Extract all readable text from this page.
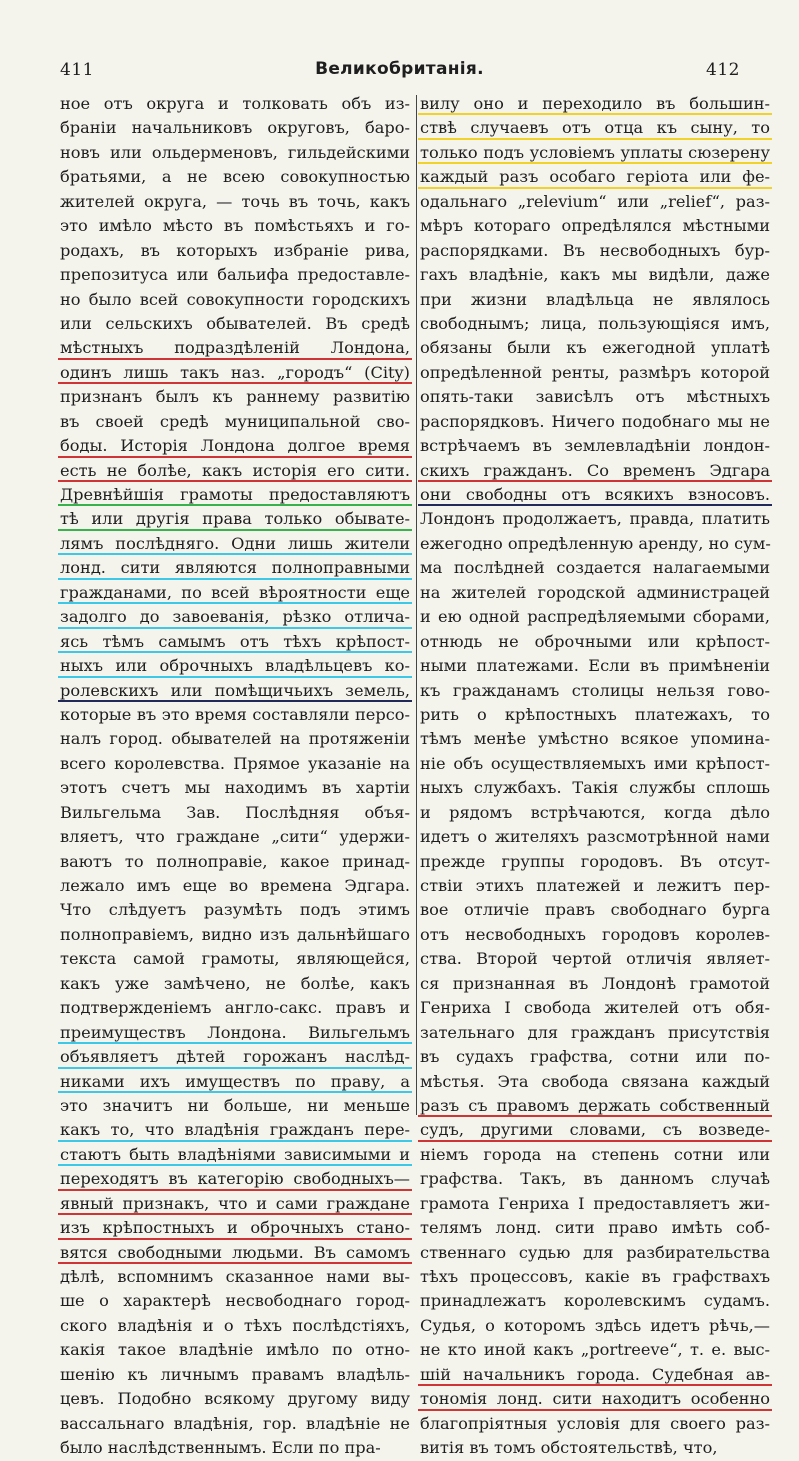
411	Великобританія.	412
ное отъ округа и толковать объ из-
браніи начальниковъ округовъ, баро-
новъ или ольдерменовъ, гильдейскими
братьями, а не всею совокупностью
жителей округа, — точь въ точь, какъ
это имѣло мѣсто въ помѣстьяхъ и го-
родахъ, въ которыхъ избраніе рива,
препозитуса или бальифа предоставле-
но было всей совокупности городскихъ
или сельскихъ обывателей. Въ средѣ
мѣстныхъ подраздѣленій Лондона,
одинъ лишь такъ наз. „городъ“ (City)
признанъ былъ къ раннему развитію
въ своей средѣ муниципальной сво-
боды. Исторія Лондона долгое время
есть не болѣе, какъ исторія его сити.
Древнѣйшія грамоты предоставляютъ
тѣ или другія права только обывате-
лямъ послѣдняго. Одни лишь жители
лонд. сити являются полноправными
гражданами, по всей вѣроятности еще
задолго до завоеванія, рѣзко отлича-
ясь тѣмъ самымъ отъ тѣхъ крѣпост-
ныхъ или оброчныхъ владѣльцевъ ко-
ролевскихъ или помѣщичьихъ земель,
которые въ это время составляли персо-
налъ город. обывателей на протяженіи
всего королевства. Прямое указаніе на
этотъ счетъ мы находимъ въ хартіи
Вильгельма Зав. Послѣдняя объя-
вляетъ, что граждане „сити“ удержи-
ваютъ то полноправіе, какое принад-
лежало имъ еще во времена Эдгара.
Что слѣдуетъ разумѣть подъ этимъ
полноправіемъ, видно изъ дальнѣйшаго
текста самой грамоты, являющейся,
какъ уже замѣчено, не болѣе, какъ
подтвержденіемъ англо-сакс. правъ и
преимуществъ Лондона. Вильгельмъ
объявляетъ дѣтей горожанъ наслѣд-
никами ихъ имуществъ по праву, а
это значитъ ни больше, ни меньше
какъ то, что владѣнія гражданъ пере-
стаютъ быть владѣніями зависимыми и
переходятъ въ категорію свободныхъ—
явный признакъ, что и сами граждане
изъ крѣпостныхъ и оброчныхъ стано-
вятся свободными людьми. Въ самомъ
дѣлѣ, вспомнимъ сказанное нами вы-
ше о характерѣ несвободнаго город-
ского владѣнія и о тѣхъ послѣдстіяхъ,
какія такое владѣніе имѣло по отно-
шенію къ личнымъ правамъ владѣль-
цевъ. Подобно всякому другому виду
вассальнаго владѣнія, гор. владѣніе не
было наслѣдственнымъ. Если по пра-
вилу оно и переходило въ большин-
ствѣ случаевъ отъ отца къ сыну, то
только подъ условіемъ уплаты сюзерену
каждый разъ особаго геріота или фе-
одальнаго „relevium“ или „relief“, раз-
мѣръ котораго опредѣлялся мѣстными
распорядками. Въ несвободныхъ бур-
гахъ владѣніе, какъ мы видѣли, даже
при жизни владѣльца не являлось
свободнымъ; лица, пользующіяся имъ,
обязаны были къ ежегодной уплатѣ
опредѣленной ренты, размѣръ которой
опять-таки зависѣлъ отъ мѣстныхъ
распорядковъ. Ничего подобнаго мы не
встрѣчаемъ въ землевладѣніи лондон-
скихъ гражданъ. Со временъ Эдгара
они свободны отъ всякихъ взносовъ.
Лондонъ продолжаетъ, правда, платить
ежегодно опредѣленную аренду, но сум-
ма послѣдней создается налагаемыми
на жителей городской администрацей
и ею одной распредѣляемыми сборами,
отнюдь не оброчными или крѣпост-
ными платежами. Если въ примѣненіи
къ гражданамъ столицы нельзя гово-
рить о крѣпостныхъ платежахъ, то
тѣмъ менѣе умѣстно всякое упомина-
ніе объ осуществляемыхъ ими крѣпост-
ныхъ службахъ. Такія службы сплошь
и рядомъ встрѣчаются, когда дѣло
идетъ о жителяхъ разсмотрѣнной нами
прежде группы городовъ. Въ отсут-
ствіи этихъ платежей и лежитъ пер-
вое отличіе правъ свободнаго бурга
отъ несвободныхъ городовъ королев-
ства. Второй чертой отличія являет-
ся признанная въ Лондонѣ грамотой
Генриха I свобода жителей отъ обя-
зательнаго для гражданъ присутствія
въ судахъ графства, сотни или по-
мѣстья. Эта свобода связана каждый
разъ съ правомъ держать собственный
судъ, другими словами, съ возведе-
ніемъ города на степень сотни или
графства. Такъ, въ данномъ случаѣ
грамота Генриха I предоставляетъ жи-
телямъ лонд. сити право имѣть соб-
ственнаго судью для разбирательства
тѣхъ процессовъ, какіе въ графствахъ
принадлежатъ королевскимъ судамъ.
Судья, о которомъ здѣсь идетъ рѣчь,—
не кто иной какъ „portreeve“, т. е. выс-
шій начальникъ города. Судебная ав-
тономія лонд. сити находитъ особенно
благопріятныя условія для своего раз-
витія въ томъ обстоятельствѣ, что,
